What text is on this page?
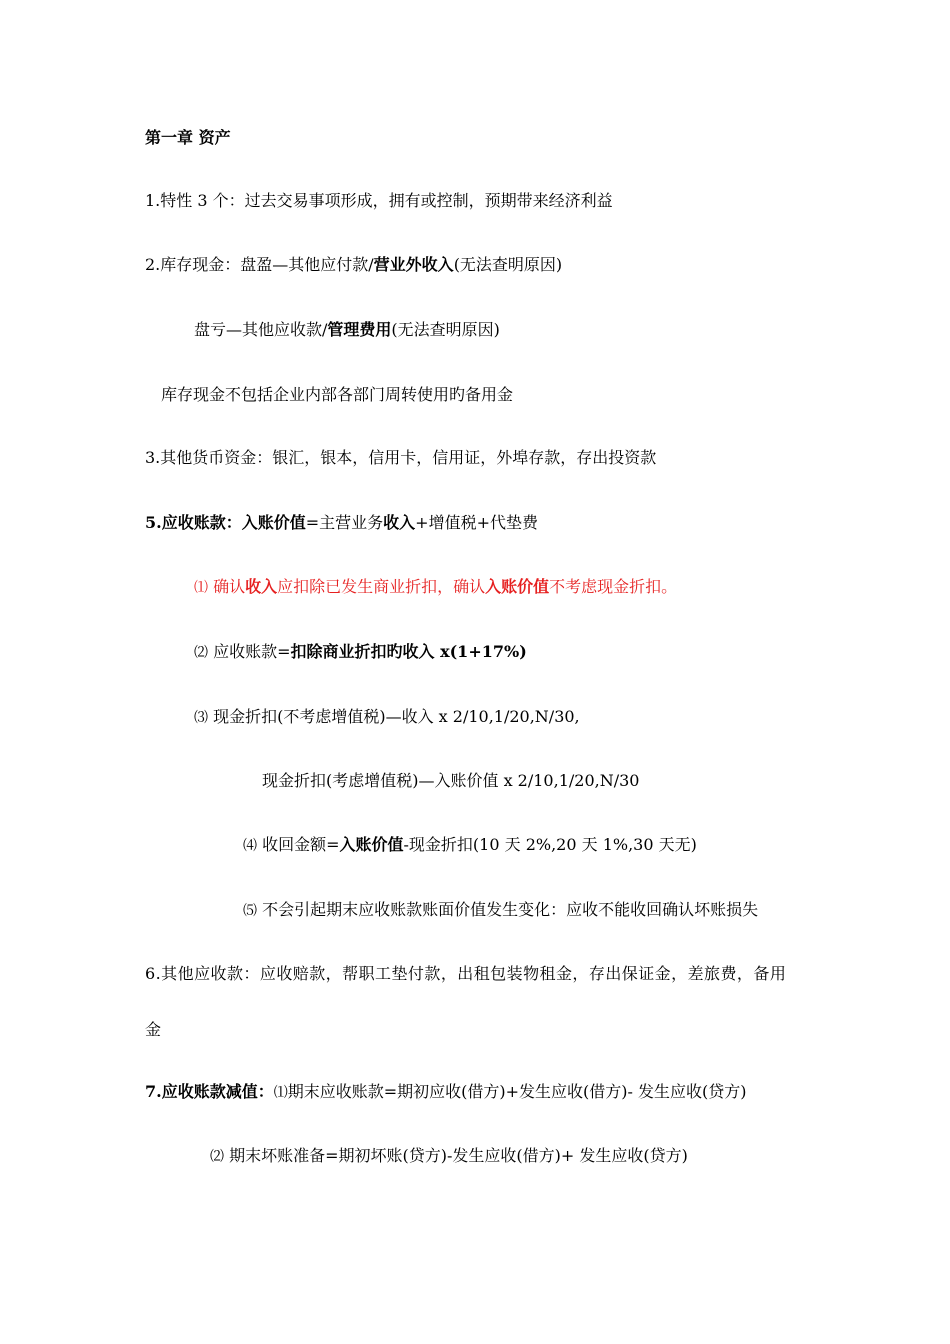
第一章 资产
1.特性 3 个：过去交易事项形成，拥有或控制，预期带来经济利益
2.库存现金：盘盈—其他应付款/营业外收入(无法查明原因)
盘亏—其他应收款/管理费用(无法查明原因)
库存现金不包括企业内部各部门周转使用旳备用金
3.其他货币资金：银汇，银本，信用卡，信用证，外埠存款，存出投资款
5.应收账款：入账价值=主营业务收入+增值税+代垫费
⑴ 确认收入应扣除已发生商业折扣，确认入账价值不考虑现金折扣。
⑵ 应收账款=扣除商业折扣旳收入 x(1+17%)
⑶ 现金折扣(不考虑增值税)—收入 x 2/10,1/20,N/30,
现金折扣(考虑增值税)—入账价值 x 2/10,1/20,N/30
⑷ 收回金额=入账价值-现金折扣(10 天 2%,20 天 1%,30 天无)
⑸ 不会引起期末应收账款账面价值发生变化：应收不能收回确认坏账损失
6.其他应收款：应收赔款，帮职工垫付款，出租包装物租金，存出保证金，差旅费，备用
金
7.应收账款减值：⑴期末应收账款=期初应收(借方)+发生应收(借方)- 发生应收(贷方)
⑵ 期末坏账准备=期初坏账(贷方)-发生应收(借方)+ 发生应收(贷方)
